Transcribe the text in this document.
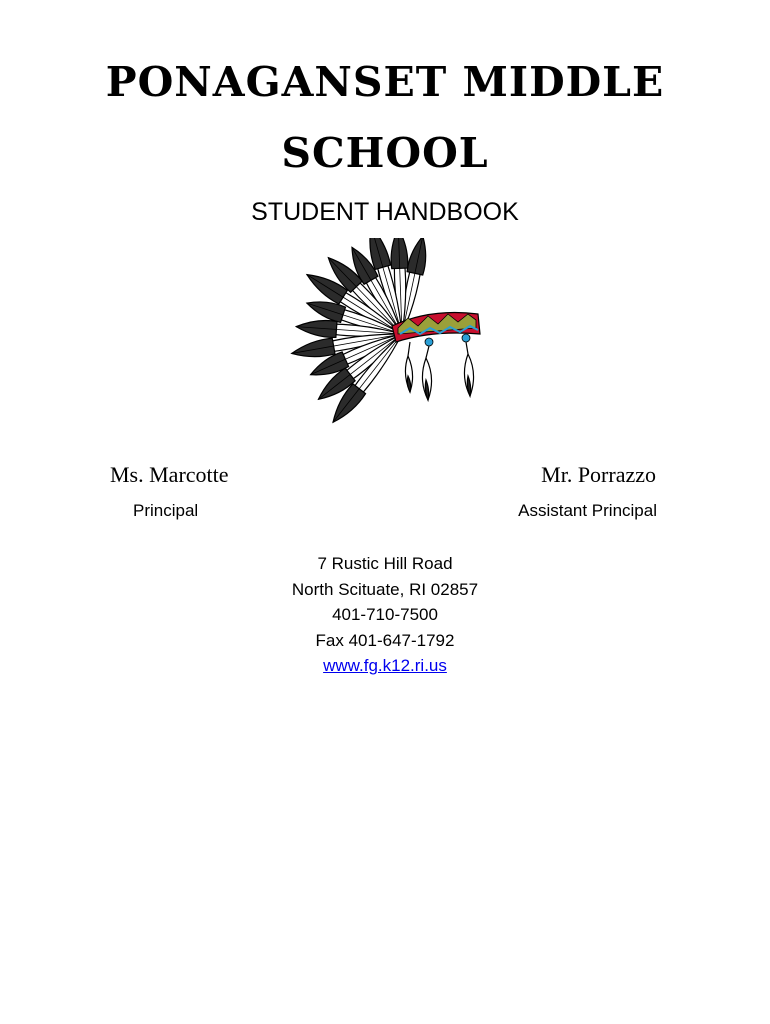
PONAGANSET MIDDLE
SCHOOL
STUDENT HANDBOOK
Ms. Marcotte	Mr. Porrazzo
Principal	Assistant Principal
7 Rustic Hill Road
North Scituate, RI 02857
401-710-7500
Fax 401-647-1792
www.fg.k12.ri.us
